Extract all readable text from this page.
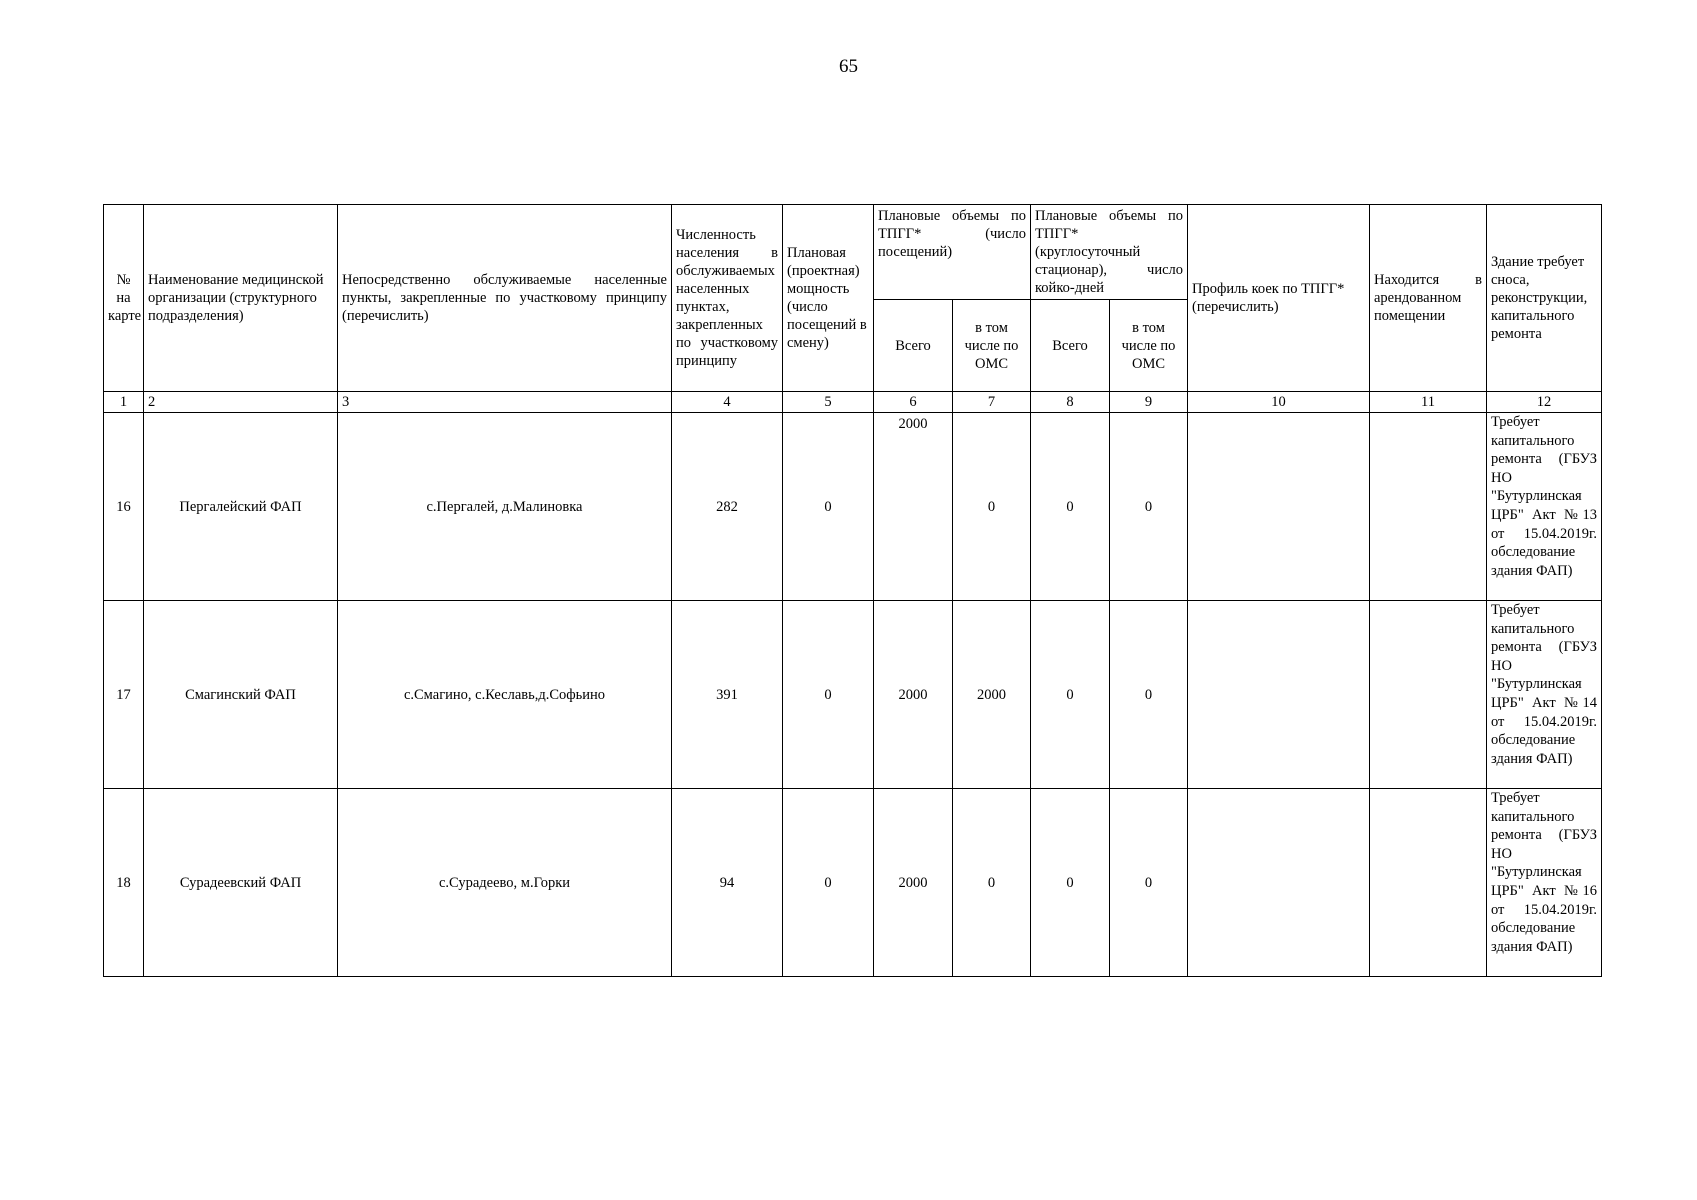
65
№ на карте	Наименование медицинской организации (структурного подразделения)	Непосредственно обслуживаемые населенные пункты, закрепленные по участковому принципу (перечислить)	Численность населения в обслуживаемых населенных пунктах, закрепленных по участковому принципу	Плановая (проектная) мощность (число посещений в смену)	Плановые объемы по ТПГГ* (число посещений)		Плановые объемы по ТПГГ* (круглосуточный стационар), число койко-дней		Профиль коек по ТПГГ* (перечислить)	Находится в арендованном помещении	Здание требует сноса, реконструкции, капитального ремонта
					Всего	в том числе по ОМС	Всего	в том числе по ОМС			
1	2	3	4	5	6	7	8	9	10	11	12
16	Пергалейский ФАП	с.Пергалей, д.Малиновка	282	0	2000	0	0	0			Требует капитального ремонта (ГБУЗ НО "Бутурлинская ЦРБ" Акт №13 от 15.04.2019г. обследование здания ФАП)
17	Смагинский ФАП	с.Смагино, с.Кеславь,д.Софьино	391	0	2000	2000	0	0			Требует капитального ремонта (ГБУЗ НО "Бутурлинская ЦРБ" Акт №14 от 15.04.2019г. обследование здания ФАП)
18	Сурадеевский ФАП	с.Сурадеево, м.Горки	94	0	2000	0	0	0			Требует капитального ремонта (ГБУЗ НО "Бутурлинская ЦРБ" Акт №16 от 15.04.2019г. обследование здания ФАП)
